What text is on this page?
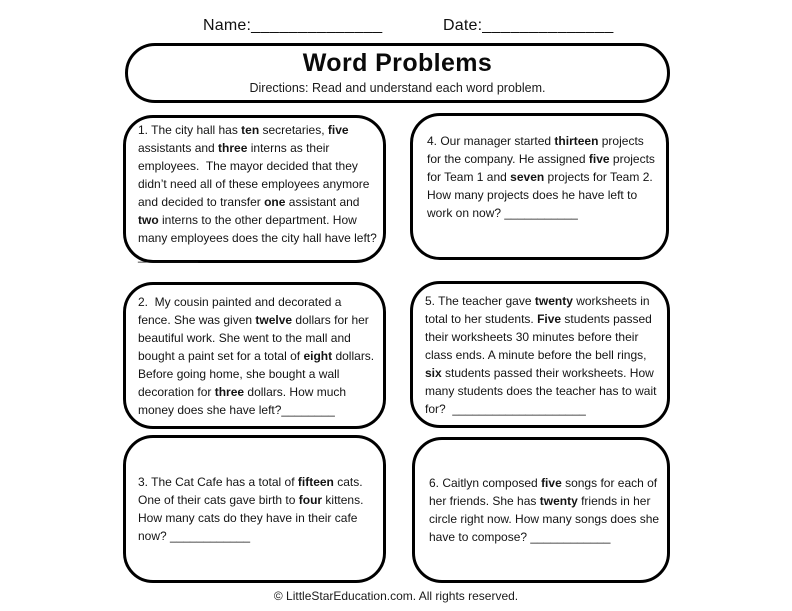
Name:______________	Date:______________
Word Problems
Directions: Read and understand each word problem.

1. The city hall has ten secretaries, five assistants and three interns as their employees.  The mayor decided that they didn’t need all of these employees anymore and decided to transfer one assistant and two interns to the other department. How many employees does the city hall have left? _________

2.  My cousin painted and decorated a fence. She was given twelve dollars for her beautiful work. She went to the mall and bought a paint set for a total of eight dollars. Before going home, she bought a wall decoration for three dollars. How much money does she have left?________

3. The Cat Cafe has a total of fifteen cats. One of their cats gave birth to four kittens. How many cats do they have in their cafe now? ____________

4. Our manager started thirteen projects for the company. He assigned five projects for Team 1 and seven projects for Team 2. How many projects does he have left to work on now? ___________

5. The teacher gave twenty worksheets in total to her students. Five students passed their worksheets 30 minutes before their class ends. A minute before the bell rings, six students passed their worksheets. How many students does the teacher has to wait for?  ____________________

6. Caitlyn composed five songs for each of her friends. She has twenty friends in her circle right now. How many songs does she have to compose? ____________

© LittleStarEducation.com. All rights reserved.
